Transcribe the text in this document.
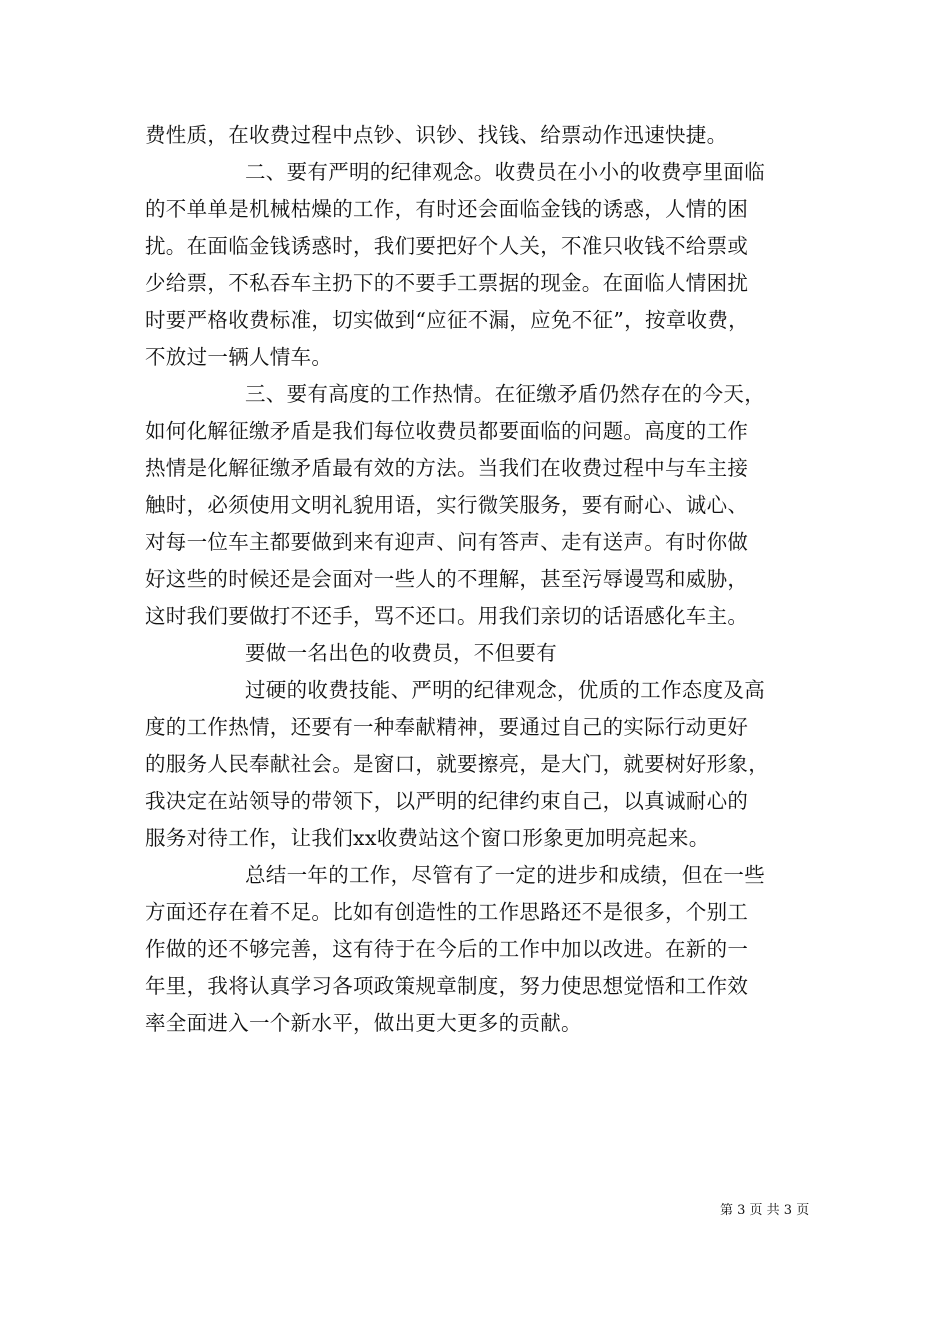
费性质，在收费过程中点钞、识钞、找钱、给票动作迅速快捷。
二、要有严明的纪律观念。收费员在小小的收费亭里面临
的不单单是机械枯燥的工作，有时还会面临金钱的诱惑，人情的困
扰。在面临金钱诱惑时，我们要把好个人关，不准只收钱不给票或
少给票，不私吞车主扔下的不要手工票据的现金。在面临人情困扰
时要严格收费标准，切实做到“应征不漏，应免不征”，按章收费，
不放过一辆人情车。
三、要有高度的工作热情。在征缴矛盾仍然存在的今天，
如何化解征缴矛盾是我们每位收费员都要面临的问题。高度的工作
热情是化解征缴矛盾最有效的方法。当我们在收费过程中与车主接
触时，必须使用文明礼貌用语，实行微笑服务，要有耐心、诚心、
对每一位车主都要做到来有迎声、问有答声、走有送声。有时你做
好这些的时候还是会面对一些人的不理解，甚至污辱谩骂和威胁，
这时我们要做打不还手，骂不还口。用我们亲切的话语感化车主。
要做一名出色的收费员，不但要有
过硬的收费技能、严明的纪律观念，优质的工作态度及高
度的工作热情，还要有一种奉献精神，要通过自己的实际行动更好
的服务人民奉献社会。是窗口，就要擦亮，是大门，就要树好形象，
我决定在站领导的带领下，以严明的纪律约束自己，以真诚耐心的
服务对待工作，让我们xx收费站这个窗口形象更加明亮起来。
总结一年的工作，尽管有了一定的进步和成绩，但在一些
方面还存在着不足。比如有创造性的工作思路还不是很多，个别工
作做的还不够完善，这有待于在今后的工作中加以改进。在新的一
年里，我将认真学习各项政策规章制度，努力使思想觉悟和工作效
率全面进入一个新水平，做出更大更多的贡献。
第 3 页 共 3 页
